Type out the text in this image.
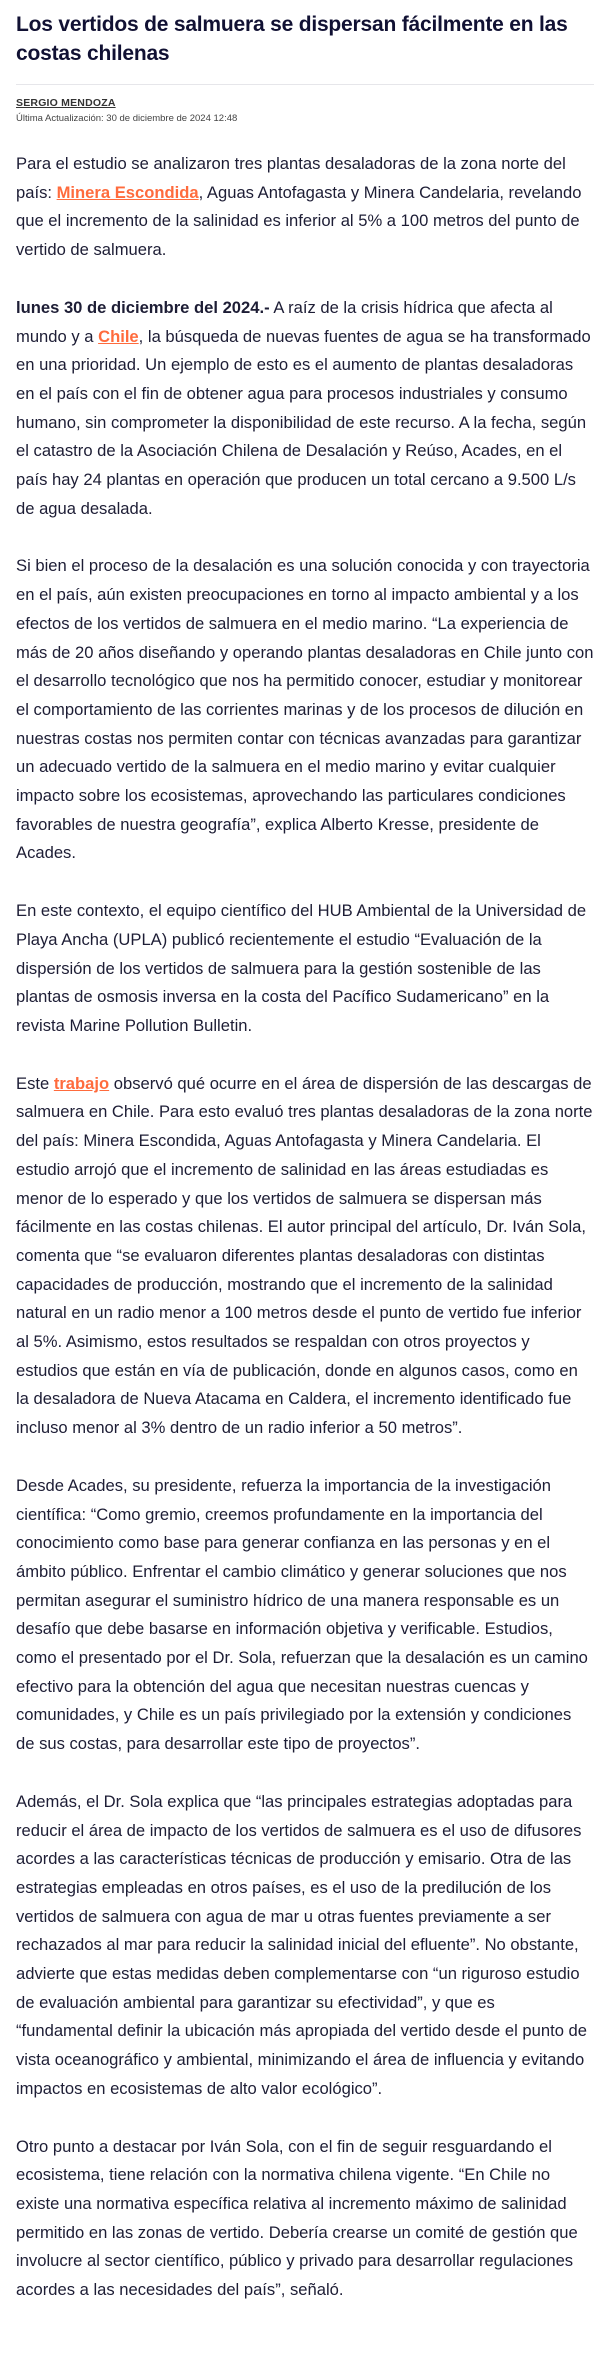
Los vertidos de salmuera se dispersan fácilmente en las costas chilenas
SERGIO MENDOZA
Última Actualización: 30 de diciembre de 2024 12:48

Para el estudio se analizaron tres plantas desaladoras de la zona norte del país: Minera Escondida, Aguas Antofagasta y Minera Candelaria, revelando que el incremento de la salinidad es inferior al 5% a 100 metros del punto de vertido de salmuera.

lunes 30 de diciembre del 2024.- A raíz de la crisis hídrica que afecta al mundo y a Chile, la búsqueda de nuevas fuentes de agua se ha transformado en una prioridad. Un ejemplo de esto es el aumento de plantas desaladoras en el país con el fin de obtener agua para procesos industriales y consumo humano, sin comprometer la disponibilidad de este recurso. A la fecha, según el catastro de la Asociación Chilena de Desalación y Reúso, Acades, en el país hay 24 plantas en operación que producen un total cercano a 9.500 L/s de agua desalada.

Si bien el proceso de la desalación es una solución conocida y con trayectoria en el país, aún existen preocupaciones en torno al impacto ambiental y a los efectos de los vertidos de salmuera en el medio marino. “La experiencia de más de 20 años diseñando y operando plantas desaladoras en Chile junto con el desarrollo tecnológico que nos ha permitido conocer, estudiar y monitorear el comportamiento de las corrientes marinas y de los procesos de dilución en nuestras costas nos permiten contar con técnicas avanzadas para garantizar un adecuado vertido de la salmuera en el medio marino y evitar cualquier impacto sobre los ecosistemas, aprovechando las particulares condiciones favorables de nuestra geografía”, explica Alberto Kresse, presidente de Acades.

En este contexto, el equipo científico del HUB Ambiental de la Universidad de Playa Ancha (UPLA) publicó recientemente el estudio “Evaluación de la dispersión de los vertidos de salmuera para la gestión sostenible de las plantas de osmosis inversa en la costa del Pacífico Sudamericano” en la revista Marine Pollution Bulletin.

Este trabajo observó qué ocurre en el área de dispersión de las descargas de salmuera en Chile. Para esto evaluó tres plantas desaladoras de la zona norte del país: Minera Escondida, Aguas Antofagasta y Minera Candelaria. El estudio arrojó que el incremento de salinidad en las áreas estudiadas es menor de lo esperado y que los vertidos de salmuera se dispersan más fácilmente en las costas chilenas. El autor principal del artículo, Dr. Iván Sola, comenta que “se evaluaron diferentes plantas desaladoras con distintas capacidades de producción, mostrando que el incremento de la salinidad natural en un radio menor a 100 metros desde el punto de vertido fue inferior al 5%. Asimismo, estos resultados se respaldan con otros proyectos y estudios que están en vía de publicación, donde en algunos casos, como en la desaladora de Nueva Atacama en Caldera, el incremento identificado fue incluso menor al 3% dentro de un radio inferior a 50 metros”.

Desde Acades, su presidente, refuerza la importancia de la investigación científica: “Como gremio, creemos profundamente en la importancia del conocimiento como base para generar confianza en las personas y en el ámbito público. Enfrentar el cambio climático y generar soluciones que nos permitan asegurar el suministro hídrico de una manera responsable es un desafío que debe basarse en información objetiva y verificable. Estudios, como el presentado por el Dr. Sola, refuerzan que la desalación es un camino efectivo para la obtención del agua que necesitan nuestras cuencas y comunidades, y Chile es un país privilegiado por la extensión y condiciones de sus costas, para desarrollar este tipo de proyectos”.

Además, el Dr. Sola explica que “las principales estrategias adoptadas para reducir el área de impacto de los vertidos de salmuera es el uso de difusores acordes a las características técnicas de producción y emisario. Otra de las estrategias empleadas en otros países, es el uso de la predilución de los vertidos de salmuera con agua de mar u otras fuentes previamente a ser rechazados al mar para reducir la salinidad inicial del efluente”. No obstante, advierte que estas medidas deben complementarse con “un riguroso estudio de evaluación ambiental para garantizar su efectividad”, y que es “fundamental definir la ubicación más apropiada del vertido desde el punto de vista oceanográfico y ambiental, minimizando el área de influencia y evitando impactos en ecosistemas de alto valor ecológico”.

Otro punto a destacar por Iván Sola, con el fin de seguir resguardando el ecosistema, tiene relación con la normativa chilena vigente. “En Chile no existe una normativa específica relativa al incremento máximo de salinidad permitido en las zonas de vertido. Debería crearse un comité de gestión que involucre al sector científico, público y privado para desarrollar regulaciones acordes a las necesidades del país”, señaló.
